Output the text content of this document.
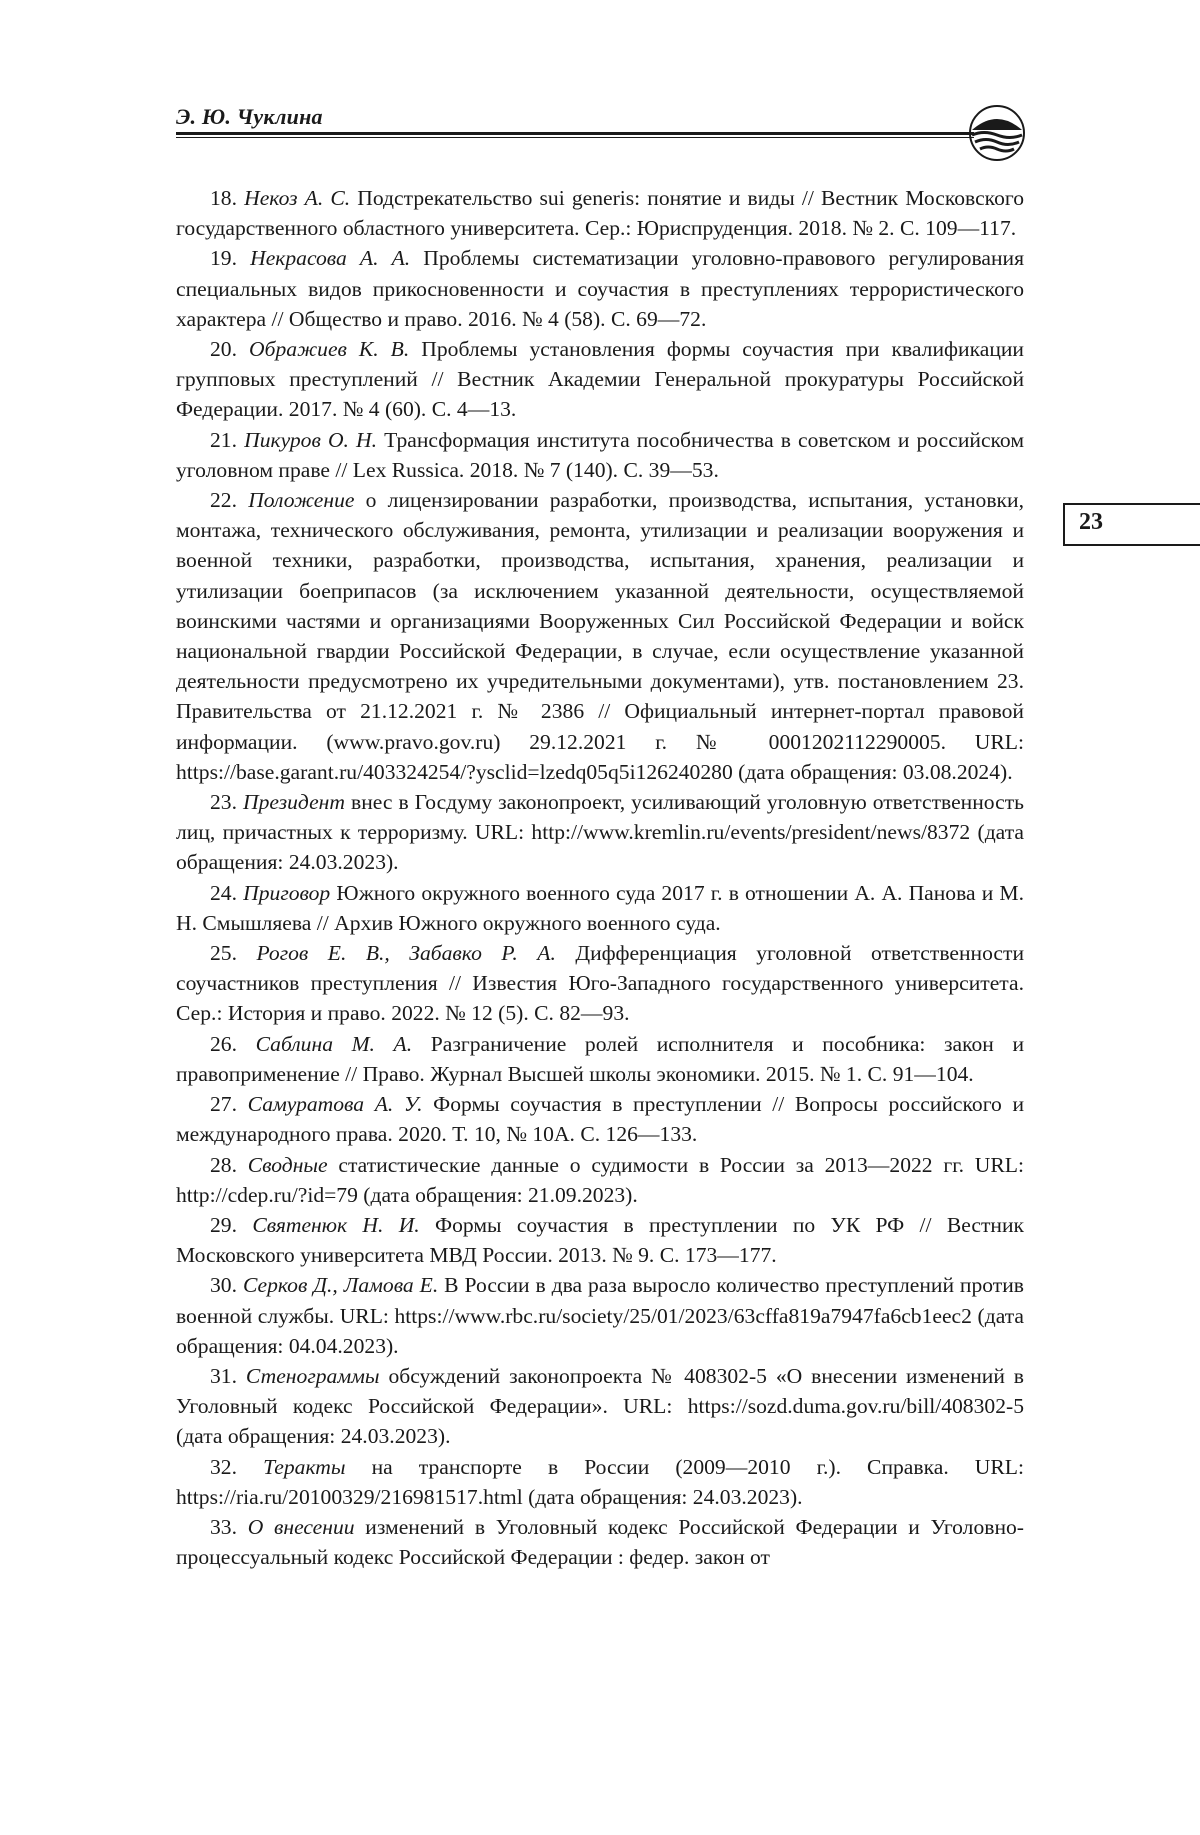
Э. Ю. Чуклина
23
18. Некоз А. С. Подстрекательство sui generis: понятие и виды // Вестник Московского государственного областного университета. Сер.: Юриспруденция. 2018. № 2. С. 109—117.
19. Некрасова А. А. Проблемы систематизации уголовно-правового регулирования специальных видов прикосновенности и соучастия в преступлениях террористического характера // Общество и право. 2016. № 4 (58). С. 69—72.
20. Ображиев К. В. Проблемы установления формы соучастия при квалификации групповых преступлений // Вестник Академии Генеральной прокуратуры Российской Федерации. 2017. № 4 (60). С. 4—13.
21. Пикуров О. Н. Трансформация института пособничества в советском и российском уголовном праве // Lex Russica. 2018. № 7 (140). С. 39—53.
22. Положение о лицензировании разработки, производства, испытания, установки, монтажа, технического обслуживания, ремонта, утилизации и реализации вооружения и военной техники, разработки, производства, испытания, хранения, реализации и утилизации боеприпасов (за исключением указанной деятельности, осуществляемой воинскими частями и организациями Вооруженных Сил Российской Федерации и войск национальной гвардии Российской Федерации, в случае, если осуществление указанной деятельности предусмотрено их учредительными документами), утв. постановлением 23. Правительства от 21.12.2021 г. № 2386 // Официальный интернет-портал правовой информации. (www.pravo.gov.ru) 29.12.2021 г. № 0001202112290005. URL: https://base.garant.ru/403324254/?ysclid=lzedq05q5i126240280 (дата обращения: 03.08.2024).
23. Президент внес в Госдуму законопроект, усиливающий уголовную ответственность лиц, причастных к терроризму. URL: http://www.kremlin.ru/events/president/news/8372 (дата обращения: 24.03.2023).
24. Приговор Южного окружного военного суда 2017 г. в отношении А. А. Панова и М. Н. Смышляева // Архив Южного окружного военного суда.
25. Рогов Е. В., Забавко Р. А. Дифференциация уголовной ответственности соучастников преступления // Известия Юго-Западного государственного университета. Сер.: История и право. 2022. № 12 (5). С. 82—93.
26. Саблина М. А. Разграничение ролей исполнителя и пособника: закон и правоприменение // Право. Журнал Высшей школы экономики. 2015. № 1. С. 91—104.
27. Самуратова А. У. Формы соучастия в преступлении // Вопросы российского и международного права. 2020. Т. 10, № 10А. С. 126—133.
28. Сводные статистические данные о судимости в России за 2013—2022 гг. URL: http://cdep.ru/?id=79 (дата обращения: 21.09.2023).
29. Святенюк Н. И. Формы соучастия в преступлении по УК РФ // Вестник Московского университета МВД России. 2013. № 9. С. 173—177.
30. Серков Д., Ламова Е. В России в два раза выросло количество преступлений против военной службы. URL: https://www.rbc.ru/society/25/01/2023/63cffa819a7947fa6cb1eec2 (дата обращения: 04.04.2023).
31. Стенограммы обсуждений законопроекта № 408302-5 «О внесении изменений в Уголовный кодекс Российской Федерации». URL: https://sozd.duma.gov.ru/bill/408302-5 (дата обращения: 24.03.2023).
32. Теракты на транспорте в России (2009—2010 г.). Справка. URL: https://ria.ru/20100329/216981517.html (дата обращения: 24.03.2023).
33. О внесении изменений в Уголовный кодекс Российской Федерации и Уголовно-процессуальный кодекс Российской Федерации : федер. закон от
